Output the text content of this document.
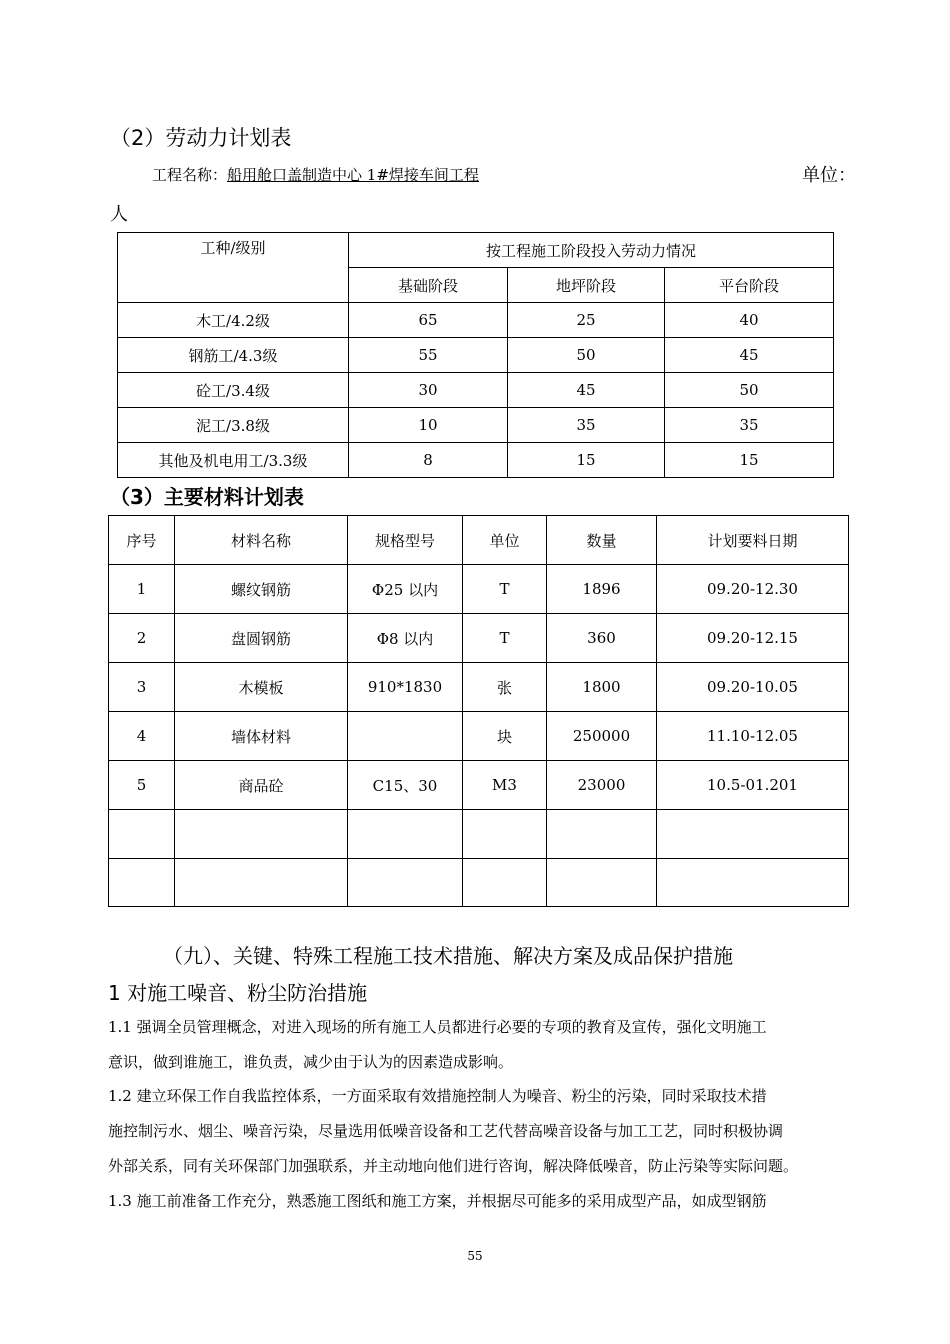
（2）劳动力计划表
工程名称：船用舱口盖制造中心 1#焊接车间工程	单位：
人
工种/级别	按工程施工阶段投入劳动力情况		
	基础阶段	地坪阶段	平台阶段
木工/4.2级	65	25	40
钢筋工/4.3级	55	50	45
砼工/3.4级	30	45	50
泥工/3.8级	10	35	35
其他及机电用工/3.3级	8	15	15
（3）主要材料计划表
序号	材料名称	规格型号	单位	数量	计划要料日期
1	螺纹钢筋	Φ25 以内	T	1896	09.20-12.30
2	盘圆钢筋	Φ8 以内	T	360	09.20-12.15
3	木模板	910*1830	张	1800	09.20-10.05
4	墙体材料		块	250000	11.10-12.05
5	商品砼	C15、30	M3	23000	10.5-01.201

（九）、关键、特殊工程施工技术措施、解决方案及成品保护措施
1 对施工噪音、粉尘防治措施
1.1 强调全员管理概念，对进入现场的所有施工人员都进行必要的专项的教育及宣传，强化文明施工
意识，做到谁施工，谁负责，减少由于认为的因素造成影响。
1.2 建立环保工作自我监控体系，一方面采取有效措施控制人为噪音、粉尘的污染，同时采取技术措
施控制污水、烟尘、噪音污染，尽量选用低噪音设备和工艺代替高噪音设备与加工工艺，同时积极协调
外部关系，同有关环保部门加强联系，并主动地向他们进行咨询，解决降低噪音，防止污染等实际问题。
1.3 施工前准备工作充分，熟悉施工图纸和施工方案，并根据尽可能多的采用成型产品，如成型钢筋
55
